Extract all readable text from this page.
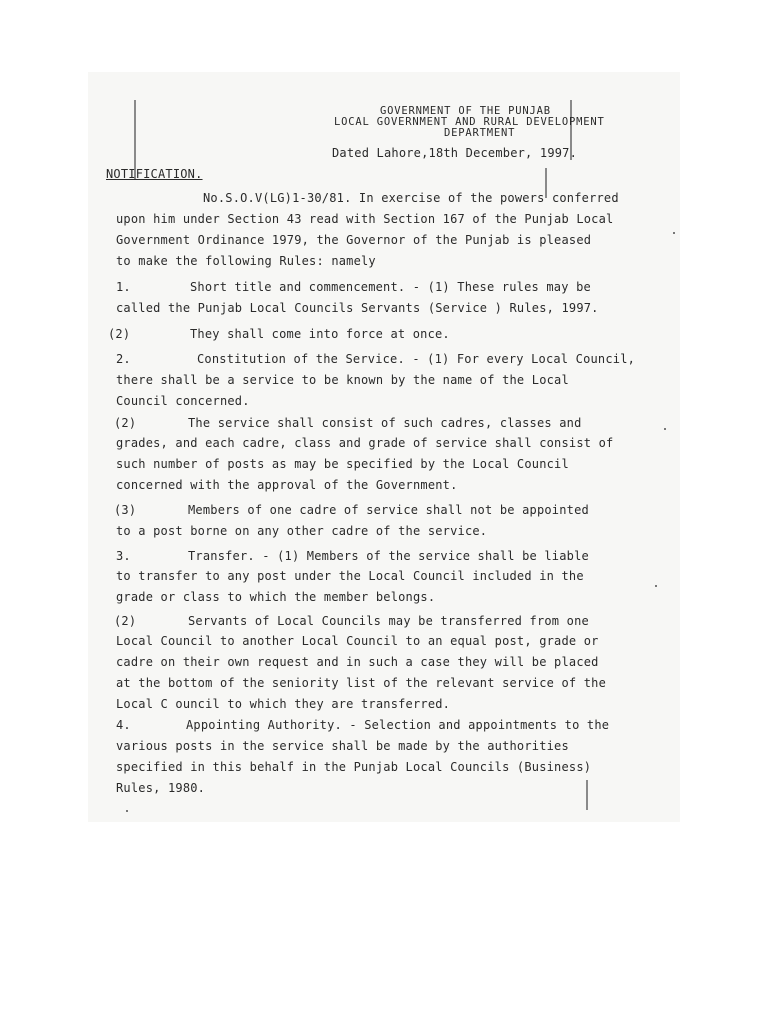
GOVERNMENT OF THE PUNJAB
LOCAL GOVERNMENT AND RURAL DEVELOPMENT
DEPARTMENT
Dated Lahore,18th December, 1997.
NOTIFICATION.
No.S.O.V(LG)1-30/81. In exercise of the powers conferred
upon him under Section 43 read with Section 167 of the Punjab Local
Government Ordinance 1979, the Governor of the Punjab is pleased
to make the following Rules: namely
1.	Short title and commencement. - (1) These rules may be
called the Punjab Local Councils Servants (Service ) Rules, 1997.
(2)	They shall come into force at once.
2.	Constitution of the Service. - (1) For every Local Council,
there shall be a service to be known by the name of the Local
Council concerned.
(2)	The service shall consist of such cadres, classes and
grades, and each cadre, class and grade of service shall consist of
such number of posts as may be specified by the Local Council
concerned with the approval of the Government.
(3)	Members of one cadre of service shall not be appointed
to a post borne on any other cadre of the service.
3.	Transfer. - (1) Members of the service shall be liable
to transfer to any post under the Local Council included in the
grade or class to which the member belongs.
(2)	Servants of Local Councils may be transferred from one
Local Council to another Local Council to an equal post, grade or
cadre on their own request and in such a case they will be placed
at the bottom of the seniority list of the relevant service of the
Local C ouncil to which they are transferred.
4.	Appointing Authority. - Selection and appointments to the
various posts in the service shall be made by the authorities
specified in this behalf in the Punjab Local Councils (Business)
Rules, 1980.
